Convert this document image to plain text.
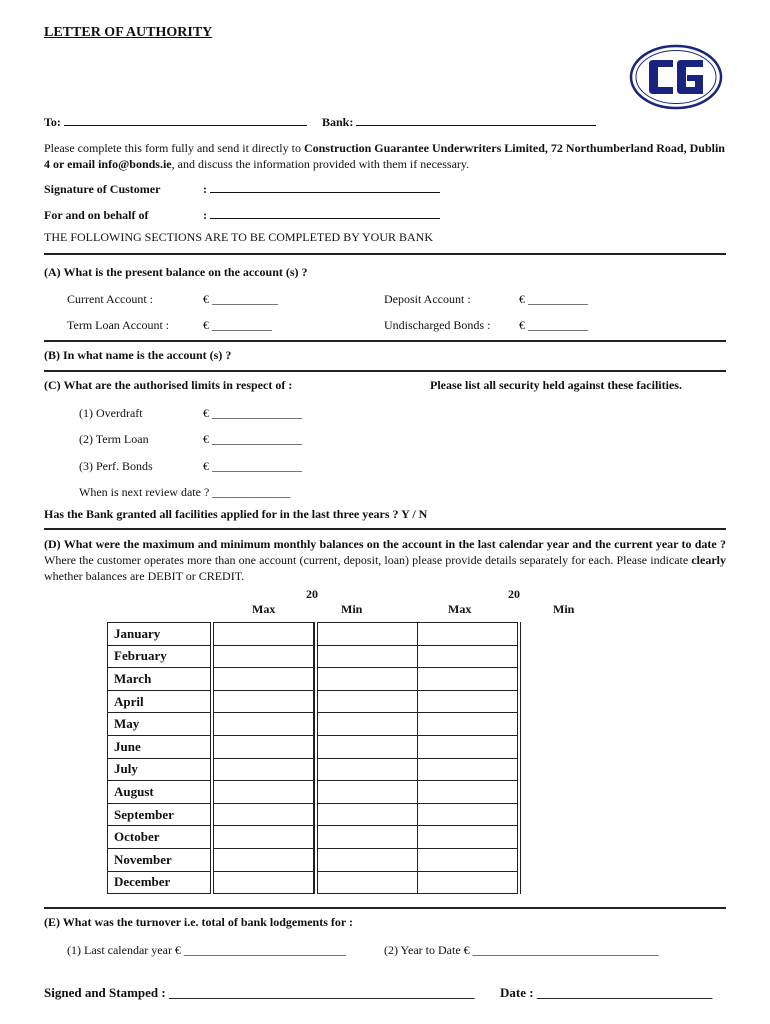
LETTER OF AUTHORITY
To:	Bank:
Please complete this form fully and send it directly to Construction Guarantee Underwriters Limited, 72 Northumberland Road, Dublin 4 or email info@bonds.ie, and discuss the information provided with them if necessary.
Signature of Customer	:
For and on behalf of	:
THE FOLLOWING SECTIONS ARE TO BE COMPLETED BY YOUR BANK
(A) What is the present balance on the account (s) ?
Current Account :	€ ___________	Deposit Account :	€ __________
Term Loan Account :	€ __________	Undischarged Bonds : € __________
(B) In what name is the account (s) ?
(C) What are the authorised limits in respect of :	Please list all security held against these facilities.
(1) Overdraft	€ _______________
(2) Term Loan	€ _______________
(3) Perf. Bonds	€ _______________
When is next review date ? _____________
Has the Bank granted all facilities applied for in the last three years ? Y / N
(D) What were the maximum and minimum monthly balances on the account in the last calendar year and the current year to date ? Where the customer operates more than one account (current, deposit, loan) please provide details separately for each. Please indicate clearly whether balances are DEBIT or CREDIT.
20	20
Max	Min	Max	Min
January				
February				
March				
April				
May				
June				
July				
August				
September				
October				
November				
December				
(E) What was the turnover i.e. total of bank lodgements for :
(1) Last calendar year € ___________________________	(2) Year to Date € _______________________________
Signed and Stamped : _______________________________________________ Date : ___________________________
